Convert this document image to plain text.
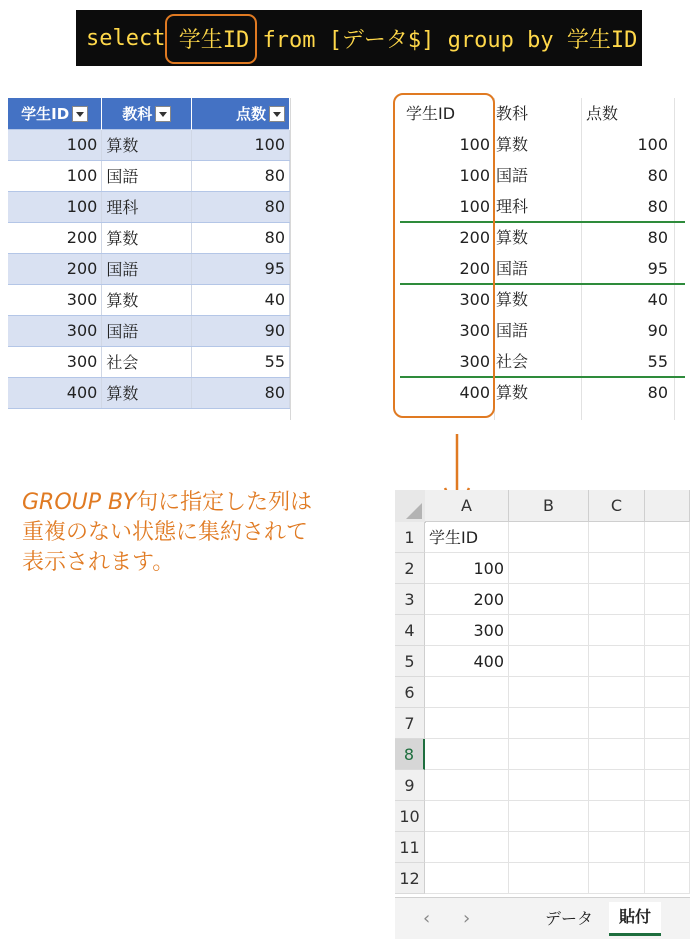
select 学生ID from [データ$] group by 学生ID
学生ID	教科	点数
100	算数	100
100	国語	80
100	理科	80
200	算数	80
200	国語	95
300	算数	40
300	国語	90
300	社会	55
400	算数	80
学生ID	教科	点数
100 算数	100
100 国語	80
100 理科	80
200 算数	80
200 国語	95
300 算数	40
300 国語	90
300 社会	55
400 算数	80
GROUP BY句に指定した列は
重複のない状態に集約されて
表示されます。
A	B	C
1 学生ID
2	100
3	200
4	300
5	400
6
7
8
9
10
11
12
‹ ›	データ	貼付
